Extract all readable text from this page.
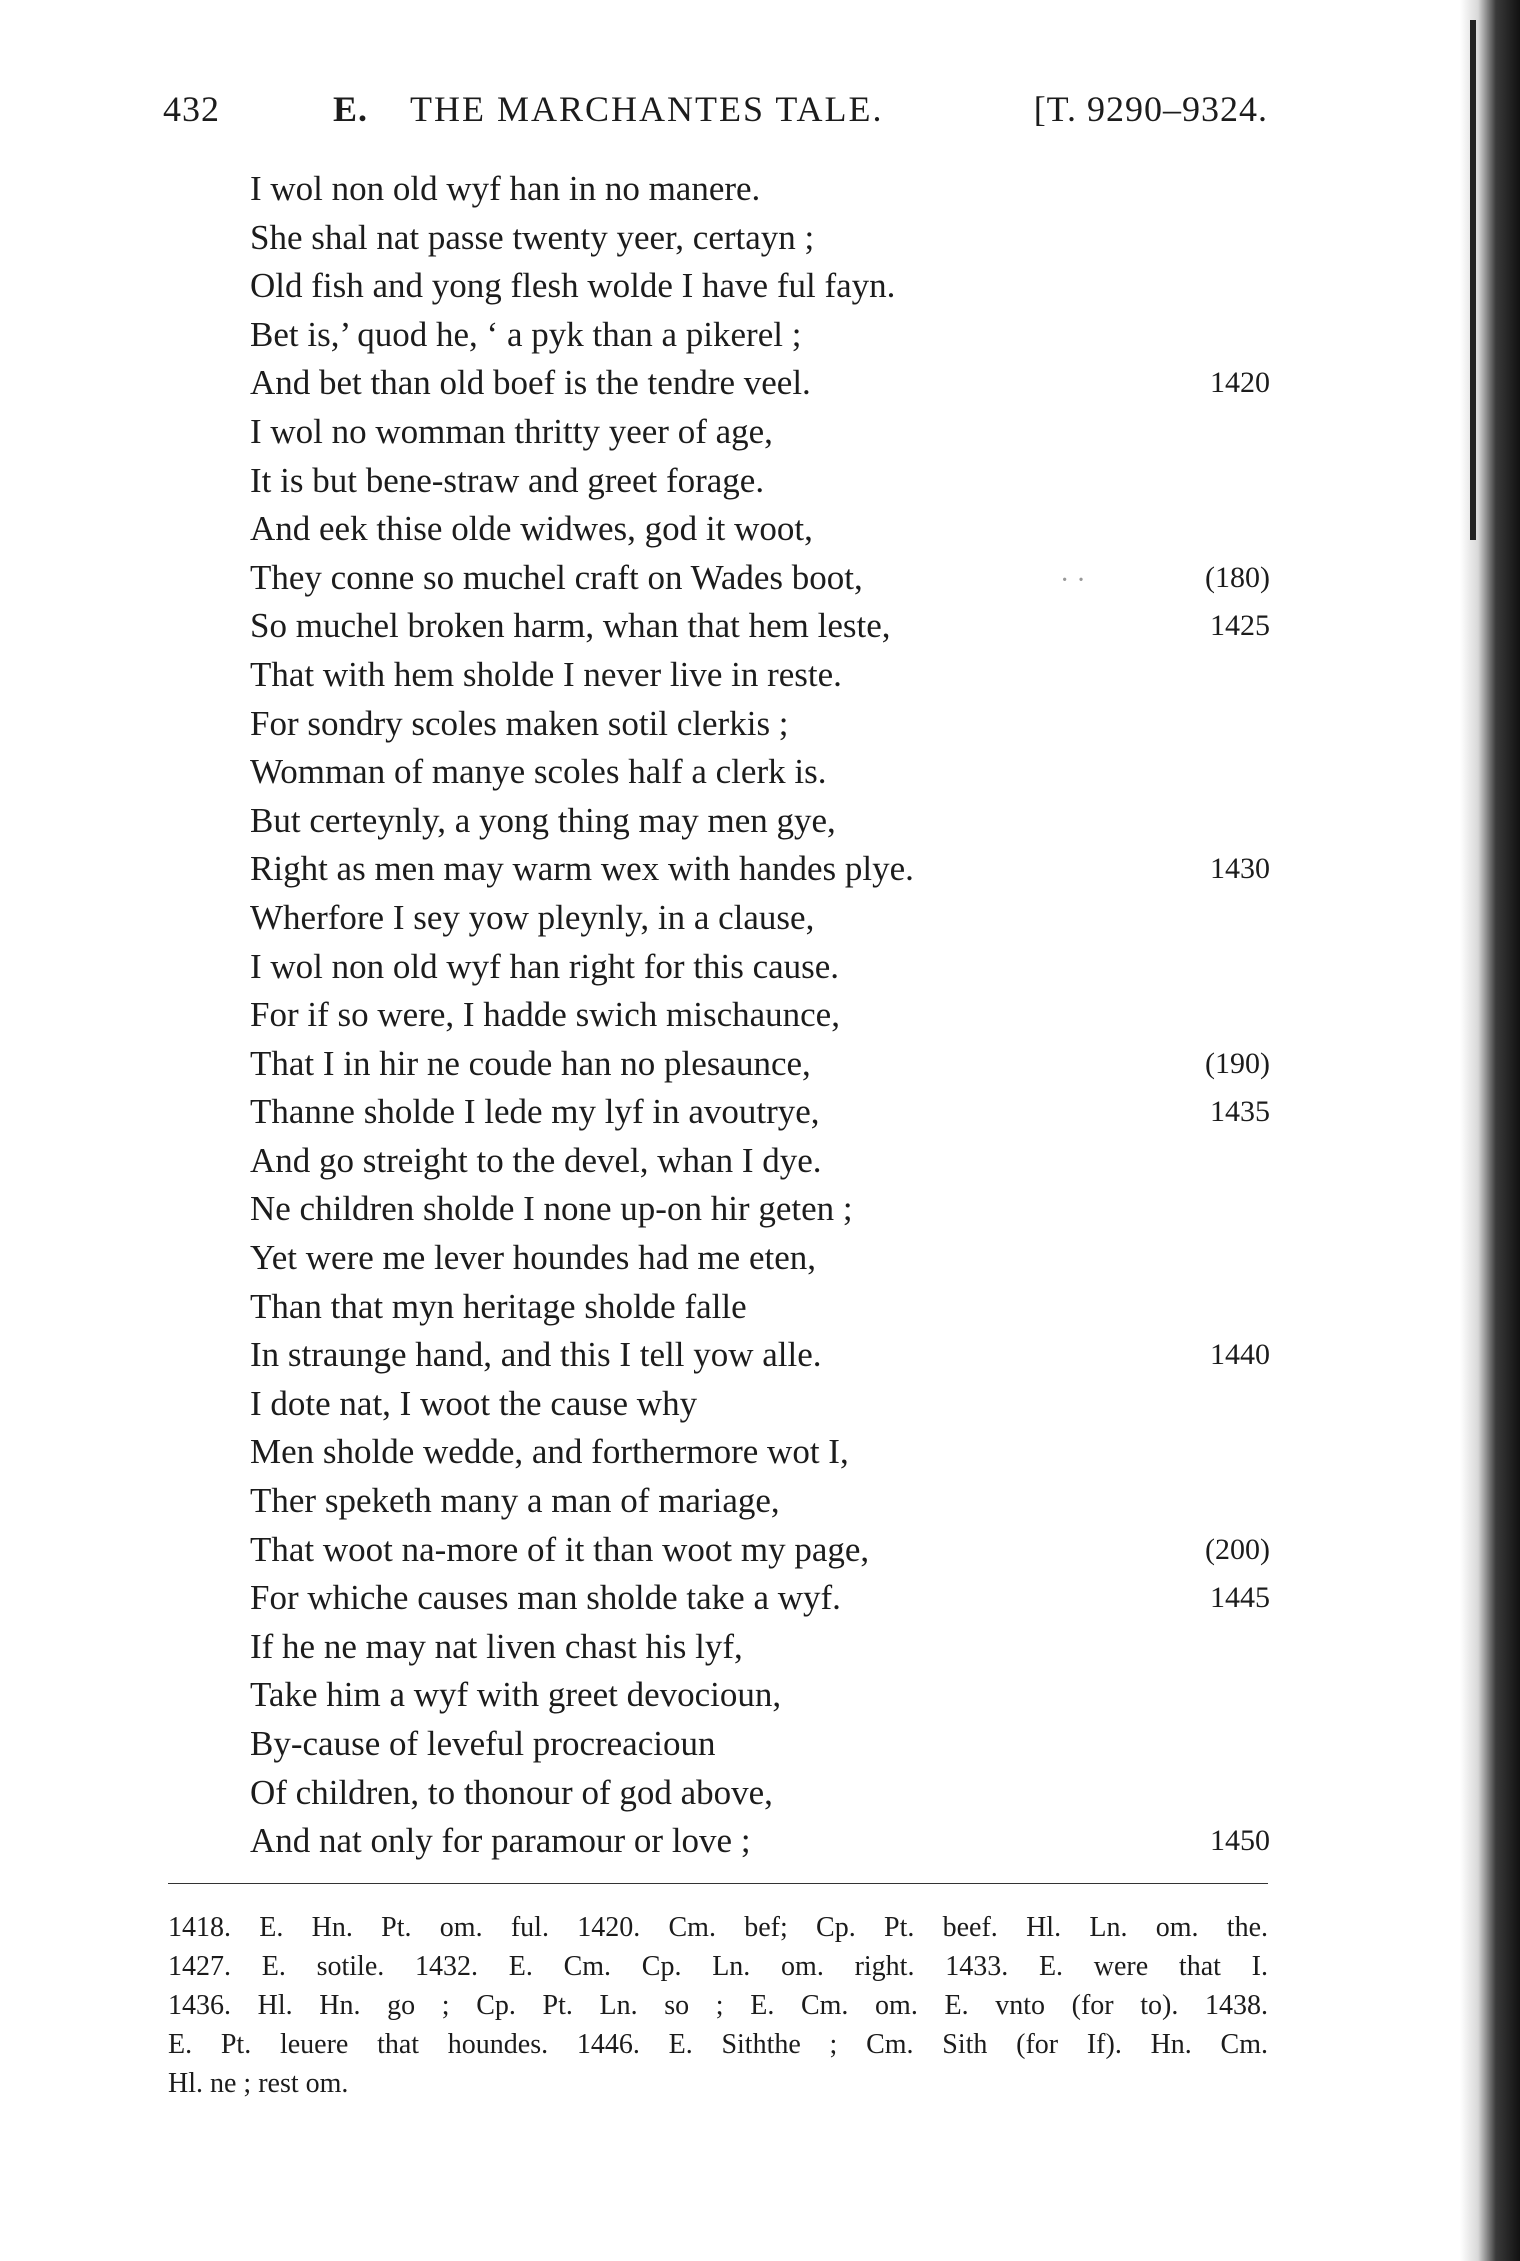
432	E. THE MARCHANTES TALE.	[T. 9290–9324.
I wol non old wyf han in no manere.
She shal nat passe twenty yeer, certayn ;
Old fish and yong flesh wolde I have ful fayn.
Bet is,’ quod he, ‘ a pyk than a pikerel ;
And bet than old boef is the tendre veel.	1420
I wol no womman thritty yeer of age,
It is but bene-straw and greet forage.
And eek thise olde widwes, god it woot,
They conne so muchel craft on Wades boot,	(180)
So muchel broken harm, whan that hem leste,	1425
That with hem sholde I never live in reste.
For sondry scoles maken sotil clerkis ;
Womman of manye scoles half a clerk is.
But certeynly, a yong thing may men gye,
Right as men may warm wex with handes plye.	1430
Wherfore I sey yow pleynly, in a clause,
I wol non old wyf han right for this cause.
For if so were, I hadde swich mischaunce,
That I in hir ne coude han no plesaunce,	(190)
Thanne sholde I lede my lyf in avoutrye,	1435
And go streight to the devel, whan I dye.
Ne children sholde I none up-on hir geten ;
Yet were me lever houndes had me eten,
Than that myn heritage sholde falle
In straunge hand, and this I tell yow alle.	1440
I dote nat, I woot the cause why
Men sholde wedde, and forthermore wot I,
Ther speketh many a man of mariage,
That woot na-more of it than woot my page,	(200)
For whiche causes man sholde take a wyf.	1445
If he ne may nat liven chast his lyf,
Take him a wyf with greet devocioun,
By-cause of leveful procreacioun
Of children, to thonour of god above,
And nat only for paramour or love ;	1450
1418. E. Hn. Pt. om. ful. 1420. Cm. bef; Cp. Pt. beef. Hl. Ln. om. the.
1427. E. sotile. 1432. E. Cm. Cp. Ln. om. right. 1433. E. were that I.
1436. Hl. Hn. go ; Cp. Pt. Ln. so ; E. Cm. om. E. vnto (for to). 1438.
E. Pt. leuere that houndes. 1446. E. Siththe ; Cm. Sith (for If). Hn. Cm.
Hl. ne ; rest om.
· ·
